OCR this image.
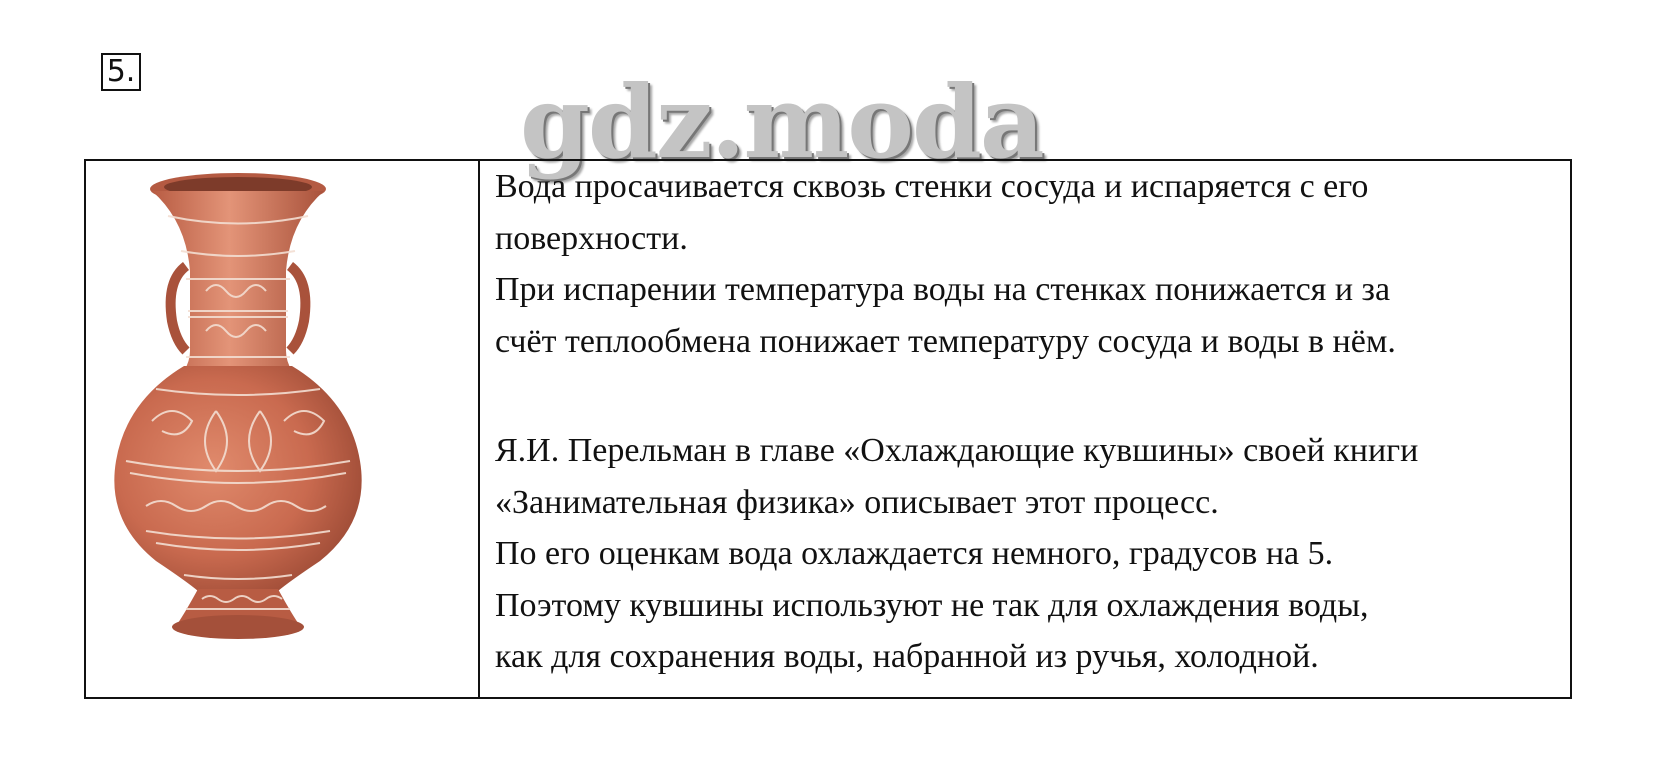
5.	gdz.moda

Вода просачивается сквозь стенки сосуда и испаряется с его

поверхности.

При испарении температура воды на стенках понижается и за

счёт теплообмена понижает температуру сосуда и воды в нём.

Я.И. Перельман в главе «Охлаждающие кувшины» своей книги

«Занимательная физика» описывает этот процесс.

По его оценкам вода охлаждается немного, градусов на 5.

Поэтому кувшины используют не так для охлаждения воды,

как для сохранения воды, набранной из ручья, холодной.
